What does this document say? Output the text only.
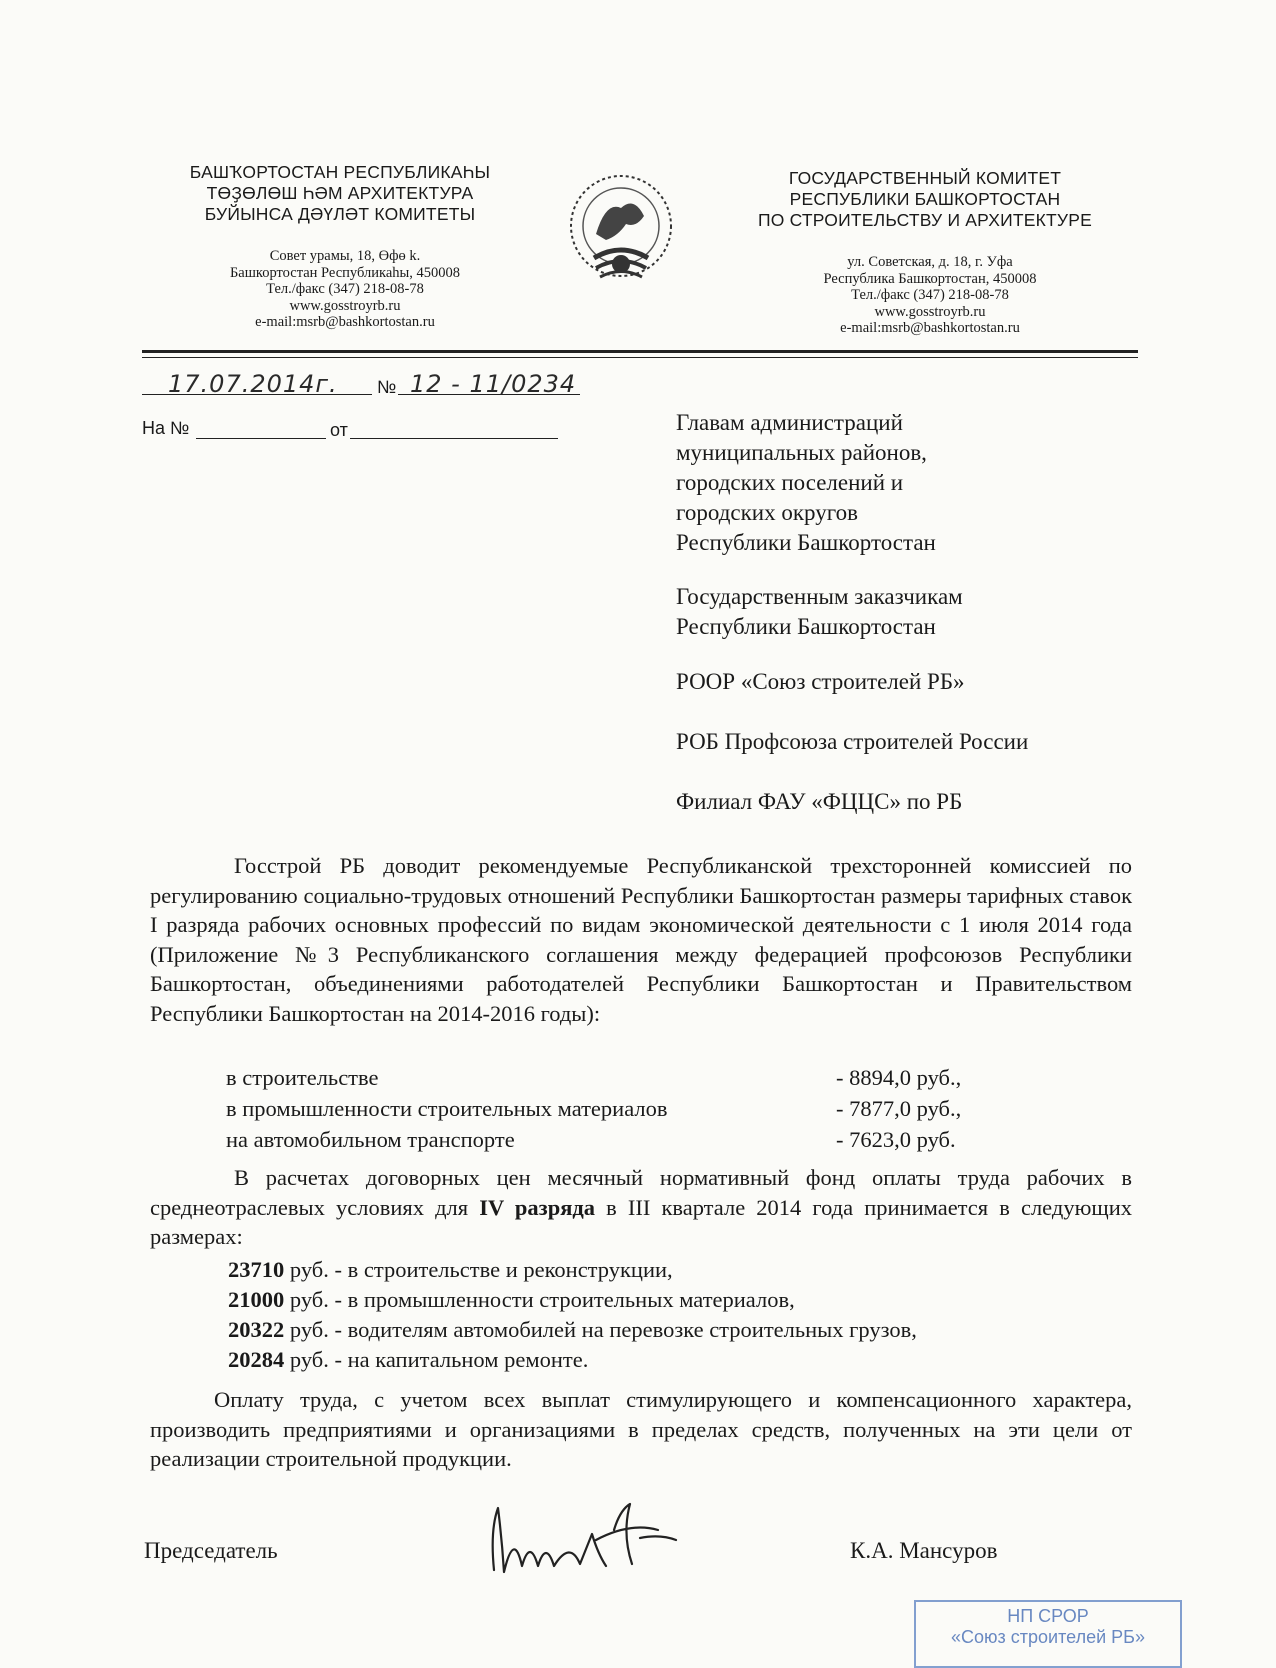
БАШҠОРТОСТАН РЕСПУБЛИКАҺЫ
ТӨҘӨЛӨШ ҺӘМ АРХИТЕКТУРА
БУЙЫНСА ДӘҮЛӘТ КОМИТЕТЫ
Совет урамы, 18, Өфө k.
Башкортостан Республикаһы, 450008
Тел./факс (347) 218-08-78
www.gosstroyrb.ru
e-mail:msrb@bashkortostan.ru
ГОСУДАРСТВЕННЫЙ КОМИТЕТ
РЕСПУБЛИКИ БАШКОРТОСТАН
ПО СТРОИТЕЛЬСТВУ И АРХИТЕКТУРЕ
ул. Советская, д. 18, г. Уфа
Республика Башкортостан, 450008
Тел./факс (347) 218-08-78
www.gosstroyrb.ru
e-mail:msrb@bashkortostan.ru
17.07.2014г. № 12 - 11/0234
На №	от	Главам администраций
муниципальных районов,
городских поселений и
городских округов
Республики Башкортостан
Государственным заказчикам
Республики Башкортостан
РООР «Союз строителей РБ»
РОБ Профсоюза строителей России
Филиал ФАУ «ФЦЦС» по РБ
Госстрой РБ доводит рекомендуемые Республиканской трехсторонней комиссией по регулированию социально-трудовых отношений Республики Башкортостан размеры тарифных ставок I разряда рабочих основных профессий по видам экономической деятельности с 1 июля 2014 года (Приложение №3 Республиканского соглашения между федерацией профсоюзов Республики Башкортостан, объединениями работодателей Республики Башкортостан и Правительством Республики Башкортостан на 2014-2016 годы):
в строительстве	- 8894,0 руб.,
в промышленности строительных материалов	- 7877,0 руб.,
на автомобильном транспорте	- 7623,0 руб.
В расчетах договорных цен месячный нормативный фонд оплаты труда рабочих в среднеотраслевых условиях для IV разряда в III квартале 2014 года принимается в следующих размерах:
23710 руб. - в строительстве и реконструкции,
21000 руб. - в промышленности строительных материалов,
20322 руб. - водителям автомобилей на перевозке строительных грузов,
20284 руб. - на капитальном ремонте.
Оплату труда, с учетом всех выплат стимулирующего и компенсационного характера, производить предприятиями и организациями в пределах средств, полученных на эти цели от реализации строительной продукции.
Председатель	К.А. Мансуров
НП СРОР
«Союз строителей РБ»
